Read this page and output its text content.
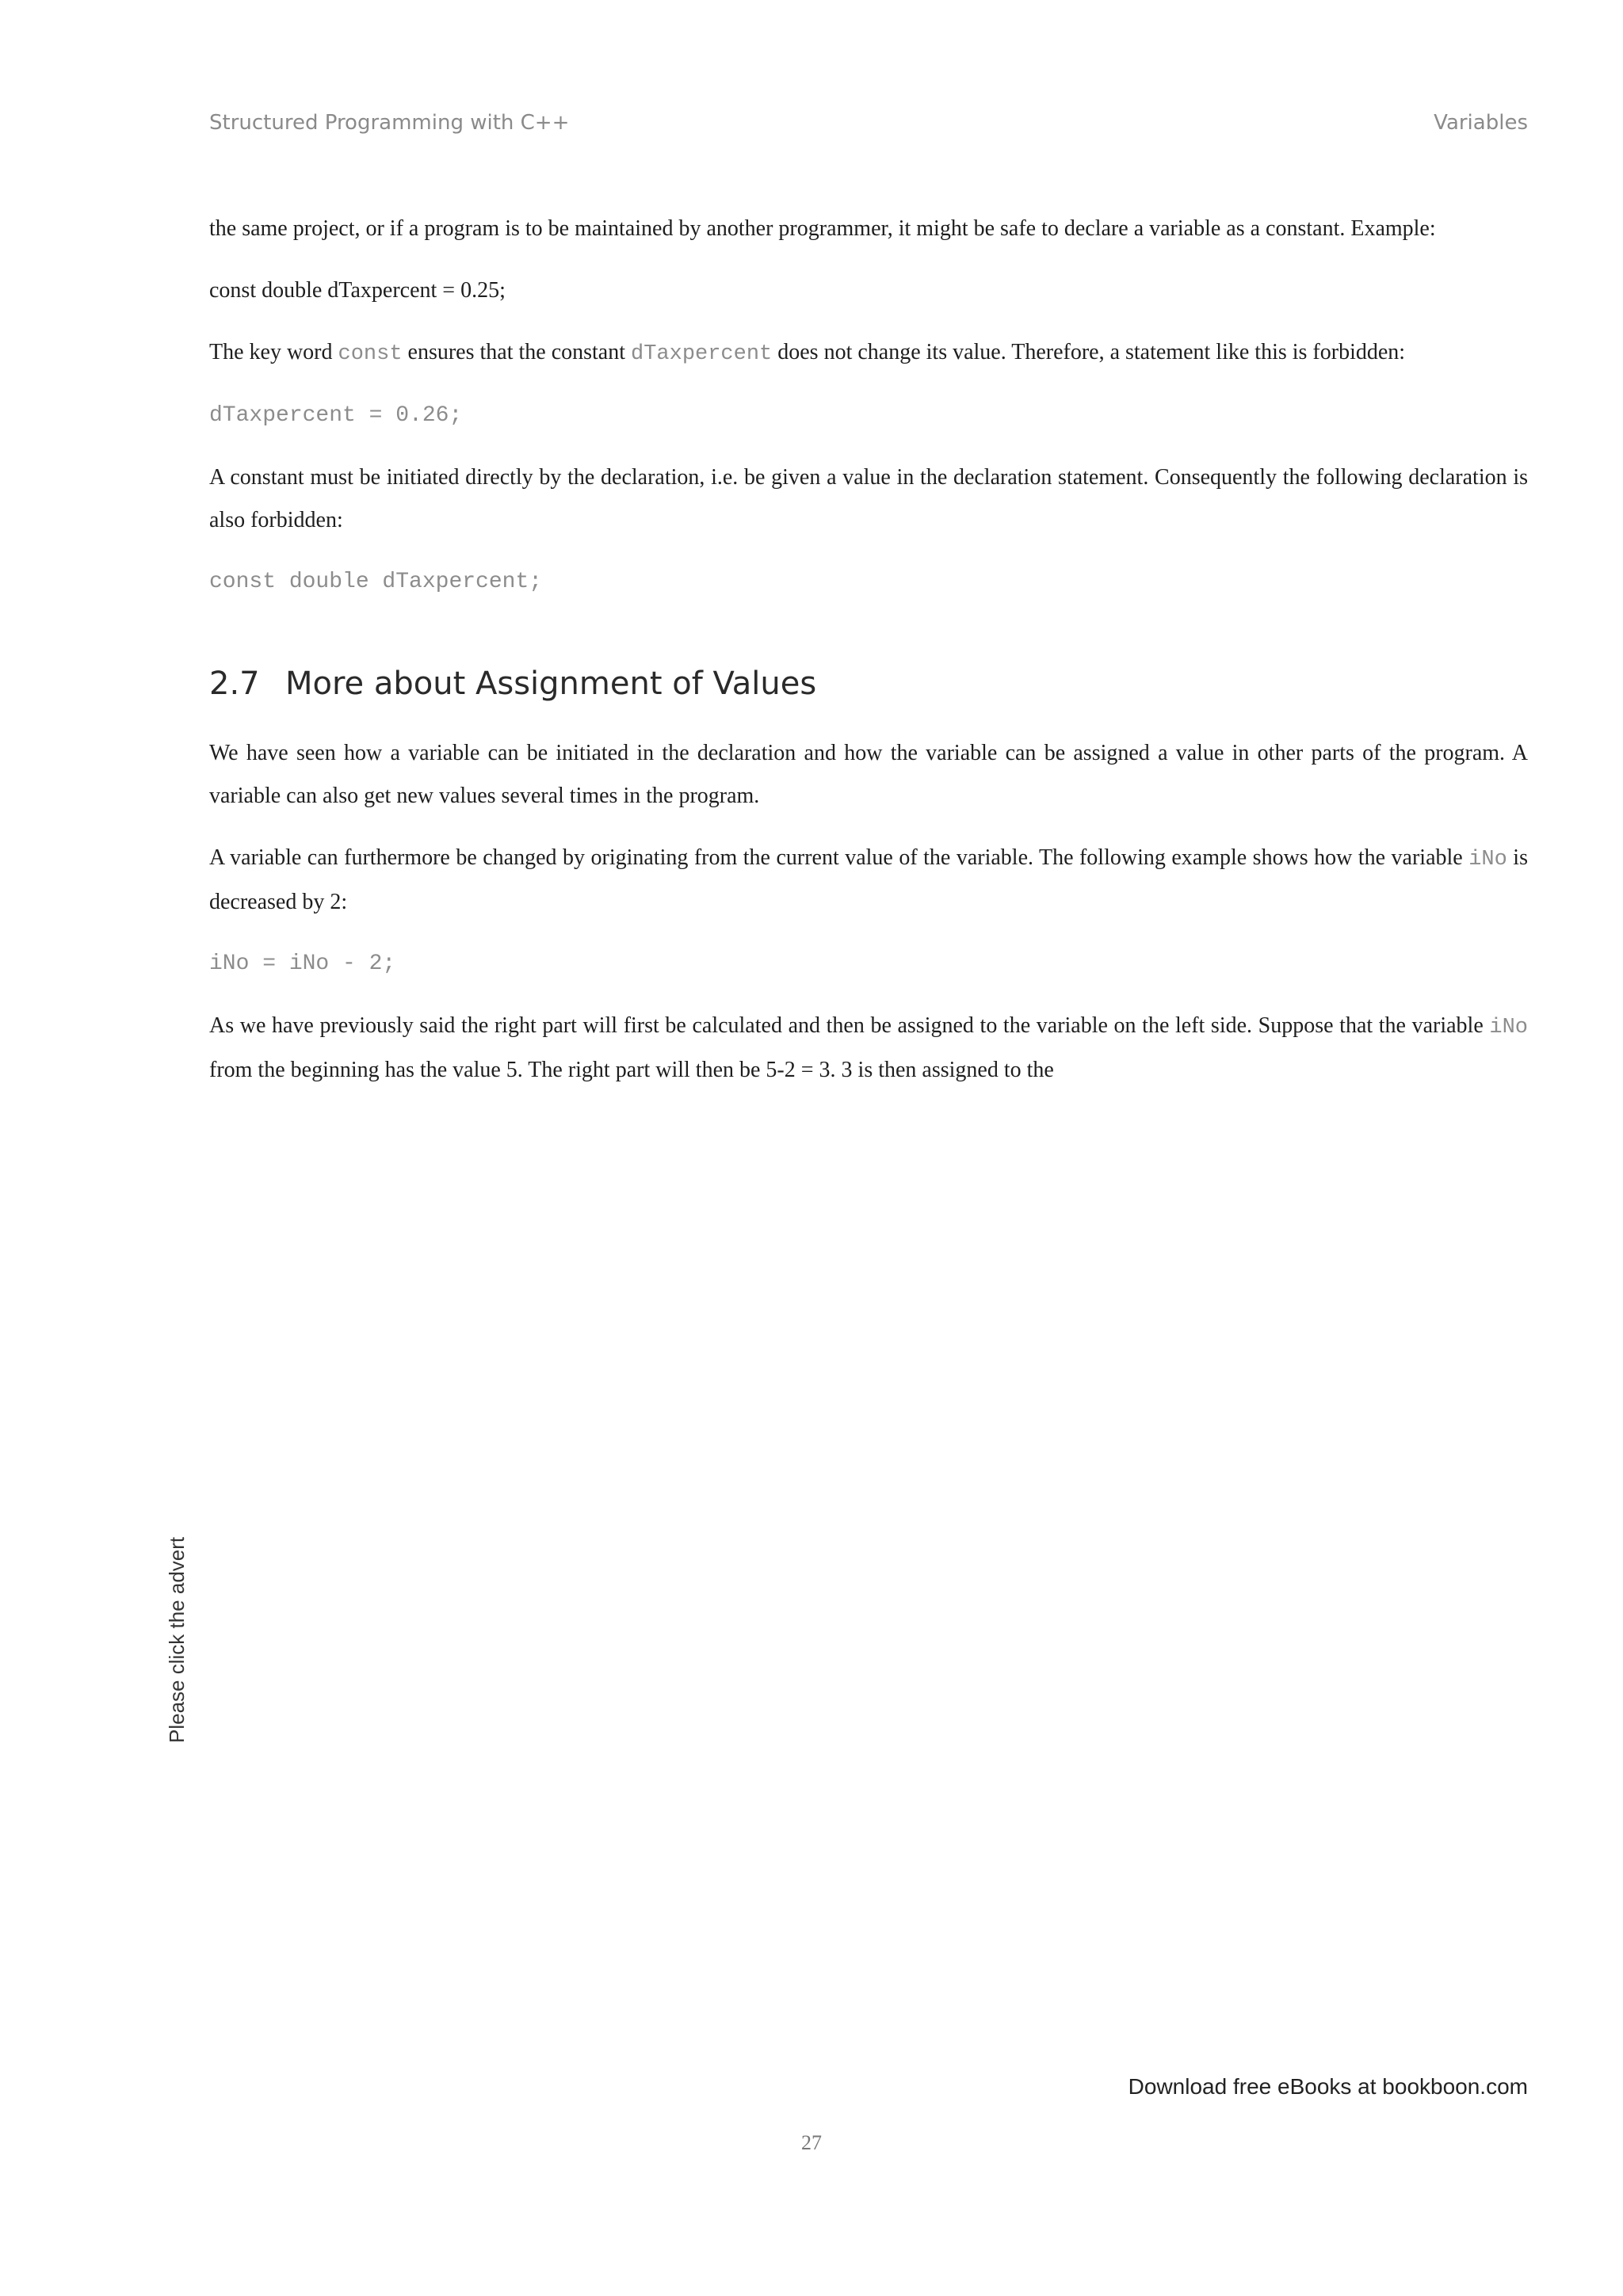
Structured Programming with C++	Variables

the same project, or if a program is to be maintained by another programmer, it might be safe to declare a variable as a constant. Example:

const double dTaxpercent = 0.25;

The key word const ensures that the constant dTaxpercent does not change its value. Therefore, a statement like this is forbidden:

dTaxpercent = 0.26;

A constant must be initiated directly by the declaration, i.e. be given a value in the declaration statement. Consequently the following declaration is also forbidden:

const double dTaxpercent;
2.7 More about Assignment of Values

We have seen how a variable can be initiated in the declaration and how the variable can be assigned a value in other parts of the program. A variable can also get new values several times in the program.

A variable can furthermore be changed by originating from the current value of the variable. The following example shows how the variable iNo is decreased by 2:

iNo = iNo - 2;

As we have previously said the right part will first be calculated and then be assigned to the variable on the left side. Suppose that the variable iNo from the beginning has the value 5. The right part will then be 5-2 = 3. 3 is then assigned to the

Please click the advert
Download free eBooks at bookboon.com
27
